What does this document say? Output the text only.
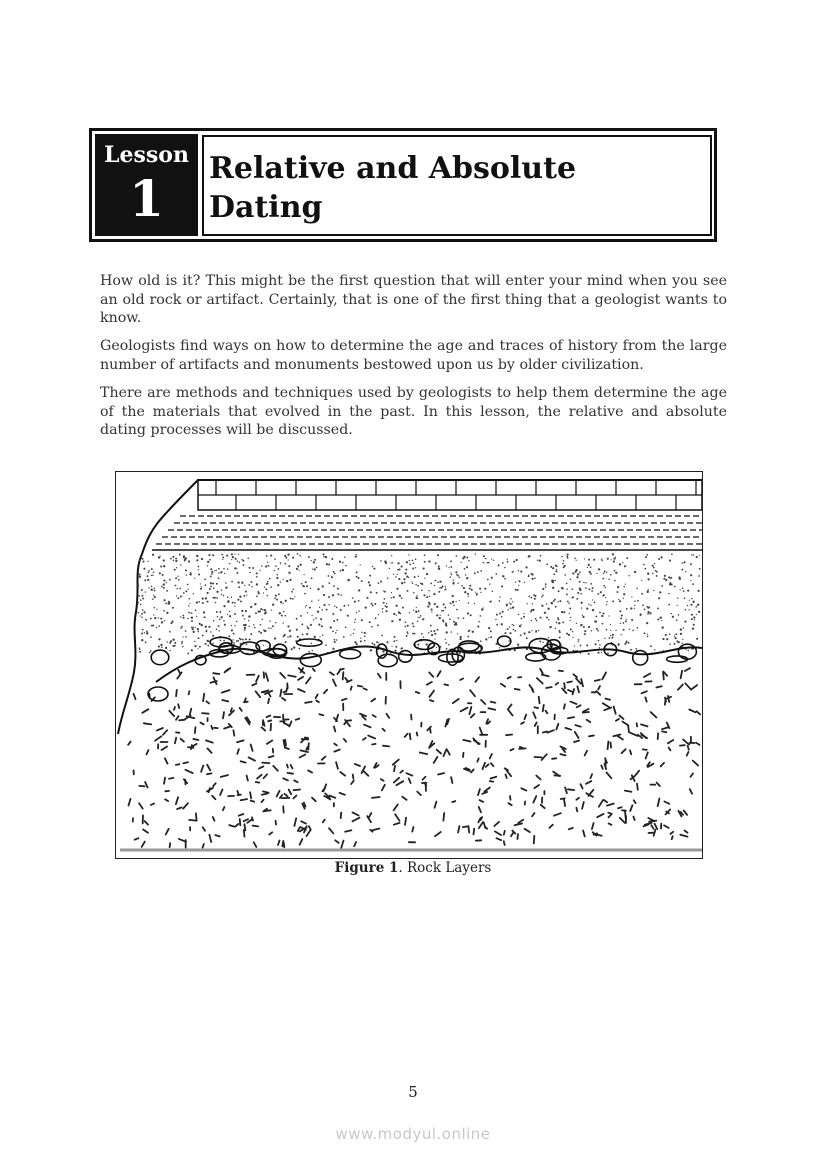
Lesson
1
Relative and Absolute
Dating

How old is it? This might be the first question that will enter your mind when you see an old rock or artifact. Certainly, that is one of the first thing that a geologist wants to know.

Geologists find ways on how to determine the age and traces of history from the large number of artifacts and monuments bestowed upon us by older civilization.

There are methods and techniques used by geologists to help them determine the age of the materials that evolved in the past. In this lesson, the relative and absolute dating processes will be discussed.

Figure 1. Rock Layers
5
www.modyul.online
